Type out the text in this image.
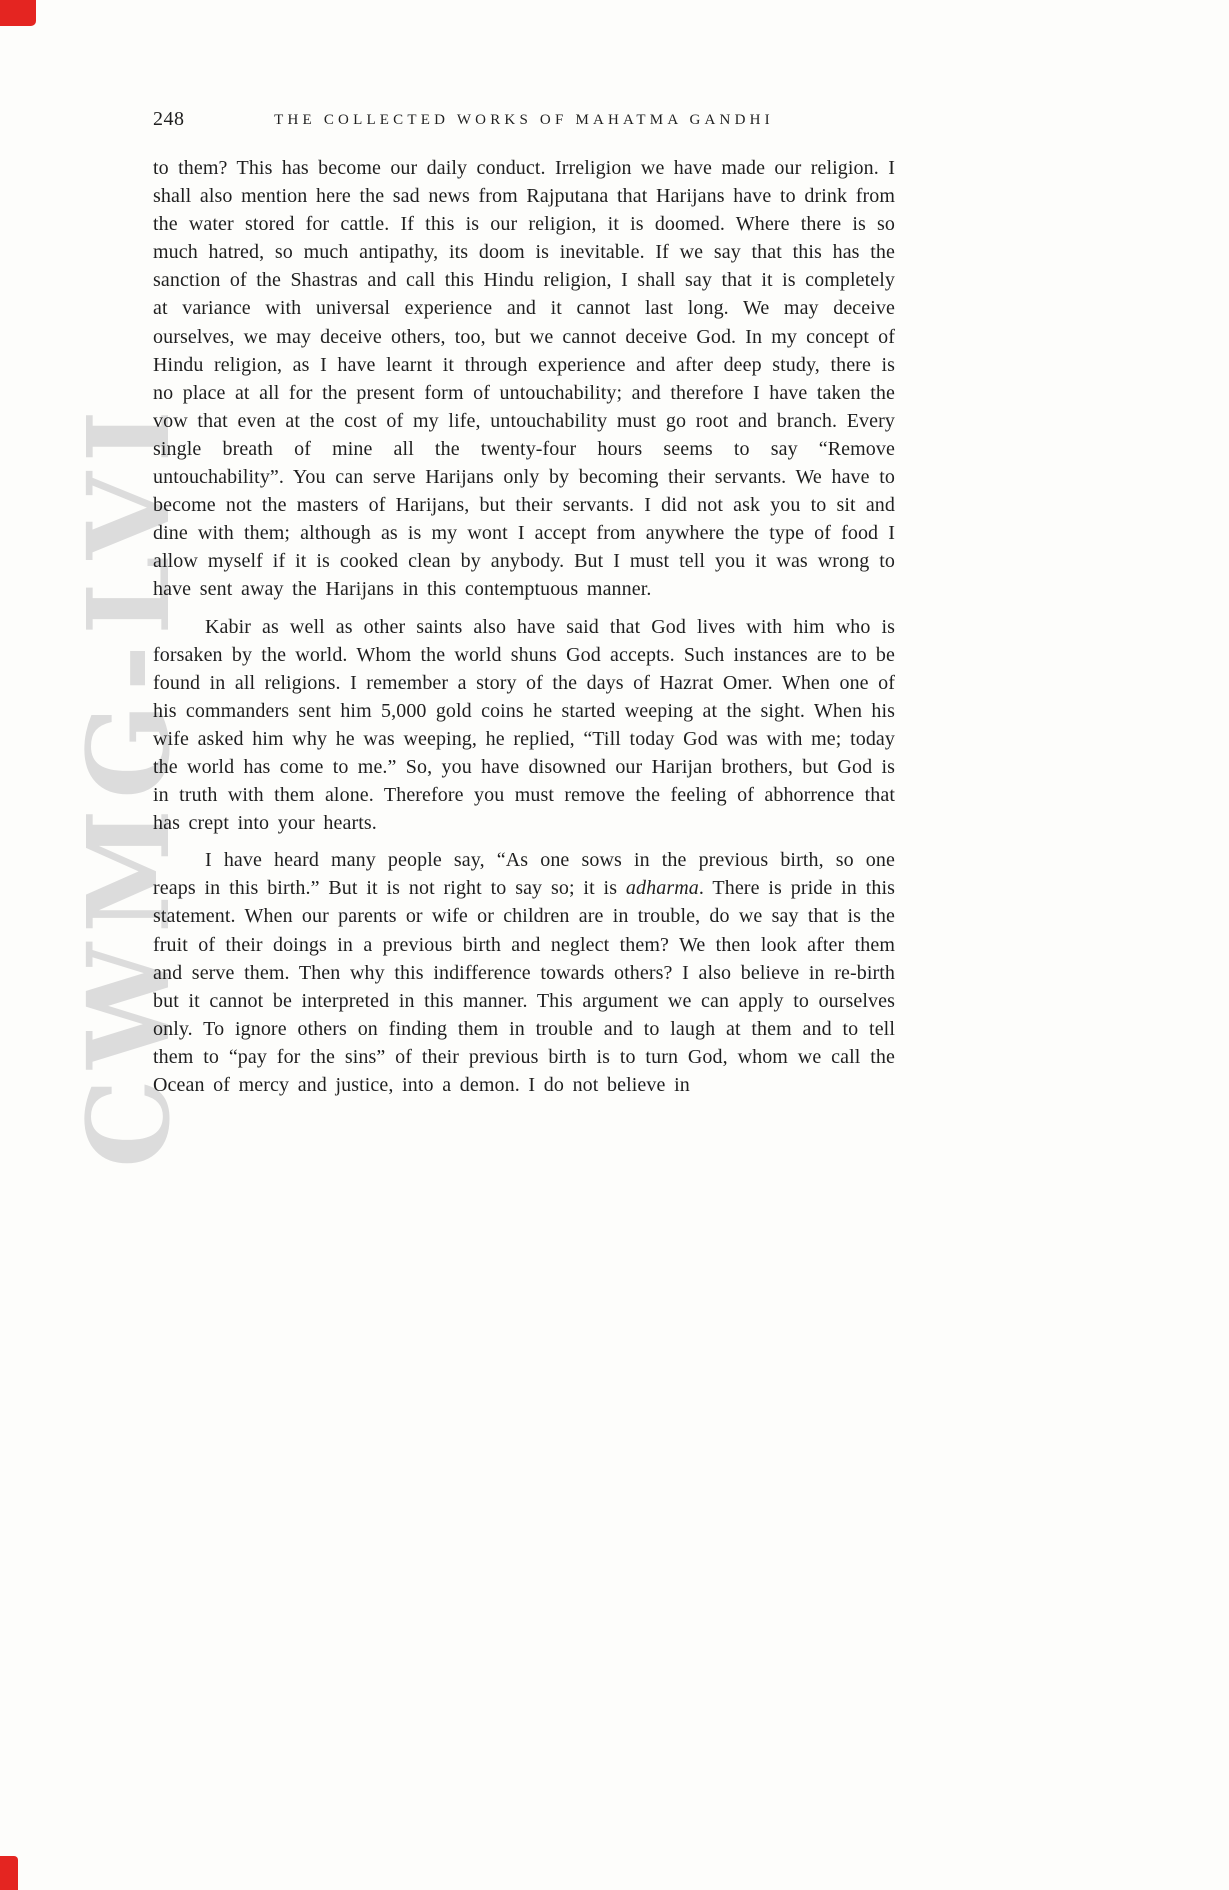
CWMG-LVI
248	THE COLLECTED WORKS OF MAHATMA GANDHI

to them? This has become our daily conduct. Irreligion we have made our religion. I shall also mention here the sad news from Rajputana that Harijans have to drink from the water stored for cattle. If this is our religion, it is doomed. Where there is so much hatred, so much antipathy, its doom is inevitable. If we say that this has the sanction of the Shastras and call this Hindu religion, I shall say that it is completely at variance with universal experience and it cannot last long. We may deceive ourselves, we may deceive others, too, but we cannot deceive God. In my concept of Hindu religion, as I have learnt it through experience and after deep study, there is no place at all for the present form of untouchability; and therefore I have taken the vow that even at the cost of my life, untouchability must go root and branch. Every single breath of mine all the twenty-four hours seems to say “Remove untouchability”. You can serve Harijans only by becoming their servants. We have to become not the masters of Harijans, but their servants. I did not ask you to sit and dine with them; although as is my wont I accept from anywhere the type of food I allow myself if it is cooked clean by anybody. But I must tell you it was wrong to have sent away the Harijans in this contemptuous manner.

Kabir as well as other saints also have said that God lives with him who is forsaken by the world. Whom the world shuns God accepts. Such instances are to be found in all religions. I remember a story of the days of Hazrat Omer. When one of his commanders sent him 5,000 gold coins he started weeping at the sight. When his wife asked him why he was weeping, he replied, “Till today God was with me; today the world has come to me.” So, you have disowned our Harijan brothers, but God is in truth with them alone. Therefore you must remove the feeling of abhorrence that has crept into your hearts.

I have heard many people say, “As one sows in the previous birth, so one reaps in this birth.” But it is not right to say so; it is adharma. There is pride in this statement. When our parents or wife or children are in trouble, do we say that is the fruit of their doings in a previous birth and neglect them? We then look after them and serve them. Then why this indifference towards others? I also believe in re-birth but it cannot be interpreted in this manner. This argument we can apply to ourselves only. To ignore others on finding them in trouble and to laugh at them and to tell them to “pay for the sins” of their previous birth is to turn God, whom we call the Ocean of mercy and justice, into a demon. I do not believe in
